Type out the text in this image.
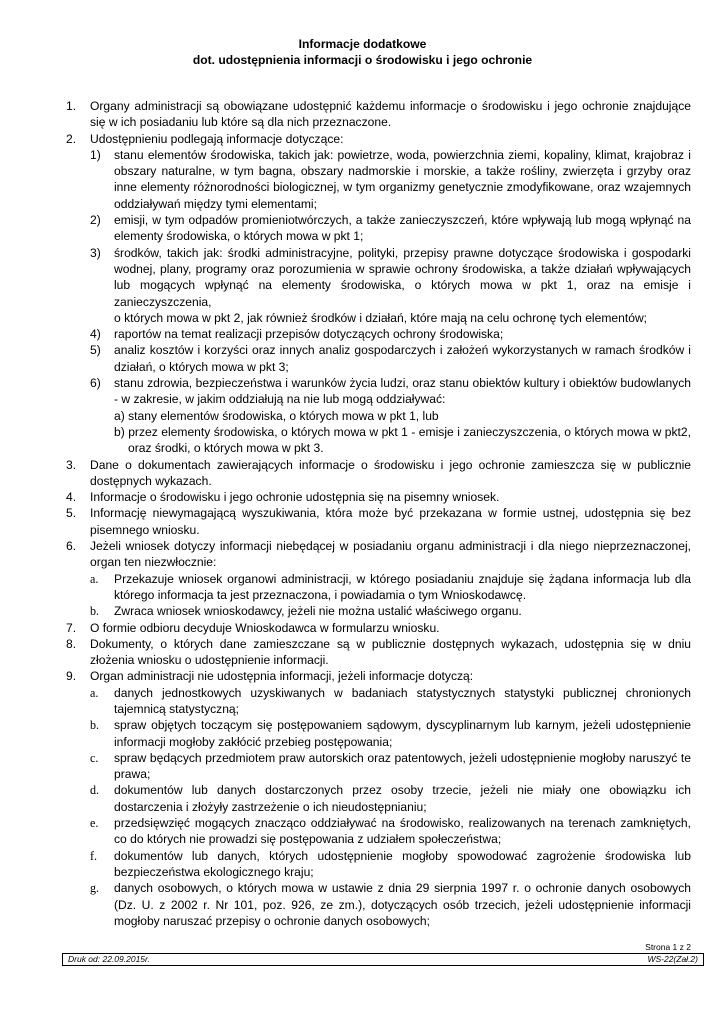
Informacje dodatkowe
dot. udostępnienia informacji o środowisku i jego ochronie
1. Organy administracji są obowiązane udostępnić każdemu informacje o środowisku i jego ochronie znajdujące się w ich posiadaniu lub które są dla nich przeznaczone.
2. Udostępnieniu podlegają informacje dotyczące:
1) stanu elementów środowiska, takich jak: powietrze, woda, powierzchnia ziemi, kopaliny, klimat, krajobraz i obszary naturalne, w tym bagna, obszary nadmorskie i morskie, a także rośliny, zwierzęta i grzyby oraz inne elementy różnorodności biologicznej, w tym organizmy genetycznie zmodyfikowane, oraz wzajemnych oddziaływań między tymi elementami;
2) emisji, w tym odpadów promieniotwórczych, a także zanieczyszczeń, które wpływają lub mogą wpłynąć na elementy środowiska, o których mowa w pkt 1;
3) środków, takich jak: środki administracyjne, polityki, przepisy prawne dotyczące środowiska i gospodarki wodnej, plany, programy oraz porozumienia w sprawie ochrony środowiska, a także działań wpływających lub mogących wpłynąć na elementy środowiska, o których mowa w pkt 1, oraz na emisje i zanieczyszczenia,
o których mowa w pkt 2, jak również środków i działań, które mają na celu ochronę tych elementów;
4) raportów na temat realizacji przepisów dotyczących ochrony środowiska;
5) analiz kosztów i korzyści oraz innych analiz gospodarczych i założeń wykorzystanych w ramach środków i działań, o których mowa w pkt 3;
6) stanu zdrowia, bezpieczeństwa i warunków życia ludzi, oraz stanu obiektów kultury i obiektów budowlanych - w zakresie, w jakim oddziałują na nie lub mogą oddziaływać:
a) stany elementów środowiska, o których mowa w pkt 1, lub
b) przez elementy środowiska, o których mowa w pkt 1 - emisje i zanieczyszczenia, o których mowa w pkt2, oraz środki, o których mowa w pkt 3.
3. Dane o dokumentach zawierających informacje o środowisku i jego ochronie zamieszcza się w publicznie dostępnych wykazach.
4. Informacje o środowisku i jego ochronie udostępnia się na pisemny wniosek.
5. Informację niewymagającą wyszukiwania, która może być przekazana w formie ustnej, udostępnia się bez pisemnego wniosku.
6. Jeżeli wniosek dotyczy informacji niebędącej w posiadaniu organu administracji i dla niego nieprzeznaczonej, organ ten niezwłocznie:
a. Przekazuje wniosek organowi administracji, w którego posiadaniu znajduje się żądana informacja lub dla którego informacja ta jest przeznaczona, i powiadamia o tym Wnioskodawcę.
b. Zwraca wniosek wnioskodawcy, jeżeli nie można ustalić właściwego organu.
7. O formie odbioru decyduje Wnioskodawca w formularzu wniosku.
8. Dokumenty, o których dane zamieszczane są w publicznie dostępnych wykazach, udostępnia się w dniu złożenia wniosku o udostępnienie informacji.
9. Organ administracji nie udostępnia informacji, jeżeli informacje dotyczą:
a. danych jednostkowych uzyskiwanych w badaniach statystycznych statystyki publicznej chronionych tajemnicą statystyczną;
b. spraw objętych toczącym się postępowaniem sądowym, dyscyplinarnym lub karnym, jeżeli udostępnienie informacji mogłoby zakłócić przebieg postępowania;
c. spraw będących przedmiotem praw autorskich oraz patentowych, jeżeli udostępnienie mogłoby naruszyć te prawa;
d. dokumentów lub danych dostarczonych przez osoby trzecie, jeżeli nie miały one obowiązku ich dostarczenia i złożyły zastrzeżenie o ich nieudostępnianiu;
e. przedsięwzięć mogących znacząco oddziaływać na środowisko, realizowanych na terenach zamkniętych, co do których nie prowadzi się postępowania z udziałem społeczeństwa;
f. dokumentów lub danych, których udostępnienie mogłoby spowodować zagrożenie środowiska lub bezpieczeństwa ekologicznego kraju;
g. danych osobowych, o których mowa w ustawie z dnia 29 sierpnia 1997 r. o ochronie danych osobowych (Dz. U. z 2002 r. Nr 101, poz. 926, ze zm.), dotyczących osób trzecich, jeżeli udostępnienie informacji mogłoby naruszać przepisy o ochronie danych osobowych;
Strona 1 z 2
Druk od: 22.09.2015r.	WS-22(Zał.2)
